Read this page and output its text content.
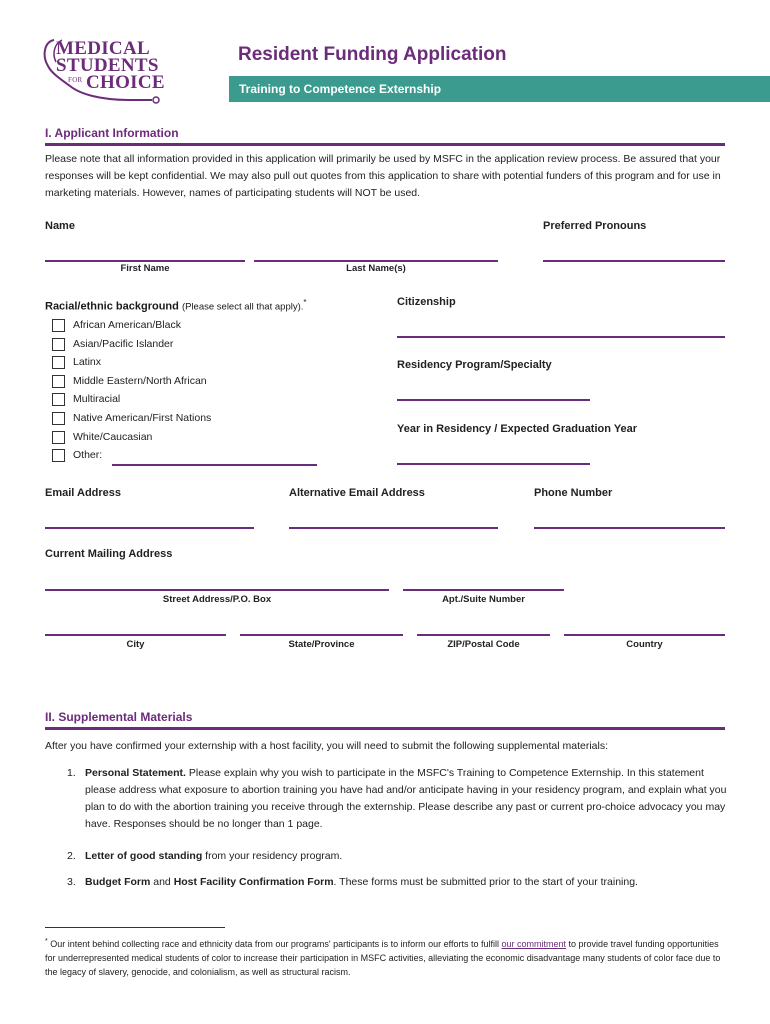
MEDICAL
STUDENTS
FOR CHOICE
Resident Funding Application
Training to Competence Externship
I. Applicant Information
Please note that all information provided in this application will primarily be used by MSFC in the application review process. Be assured that your responses will be kept confidential. We may also pull out quotes from this application to share with potential funders of this program and for use in marketing materials. However, names of participating students will NOT be used.
Name	Preferred Pronouns
First Name	Last Name(s)
Racial/ethnic background (Please select all that apply).*
African American/Black
Asian/Pacific Islander
Latinx
Middle Eastern/North African
Multiracial
Native American/First Nations
White/Caucasian
Other:
Citizenship
Residency Program/Specialty
Year in Residency / Expected Graduation Year
Email Address	Alternative Email Address	Phone Number
Current Mailing Address
Street Address/P.O. Box	Apt./Suite Number
City	State/Province	ZIP/Postal Code	Country
II. Supplemental Materials
After you have confirmed your externship with a host facility, you will need to submit the following supplemental materials:
1. Personal Statement. Please explain why you wish to participate in the MSFC's Training to Competence Externship. In this statement please address what exposure to abortion training you have had and/or anticipate having in your residency program, and explain what you plan to do with the abortion training you receive through the externship. Please describe any past or current pro-choice advocacy you may have. Responses should be no longer than 1 page.
2. Letter of good standing from your residency program.
3. Budget Form and Host Facility Confirmation Form. These forms must be submitted prior to the start of your training.
* Our intent behind collecting race and ethnicity data from our programs' participants is to inform our efforts to fulfill our commitment to provide travel funding opportunities for underrepresented medical students of color to increase their participation in MSFC activities, alleviating the economic disadvantage many students of color face due to the legacy of slavery, genocide, and colonialism, as well as structural racism.
